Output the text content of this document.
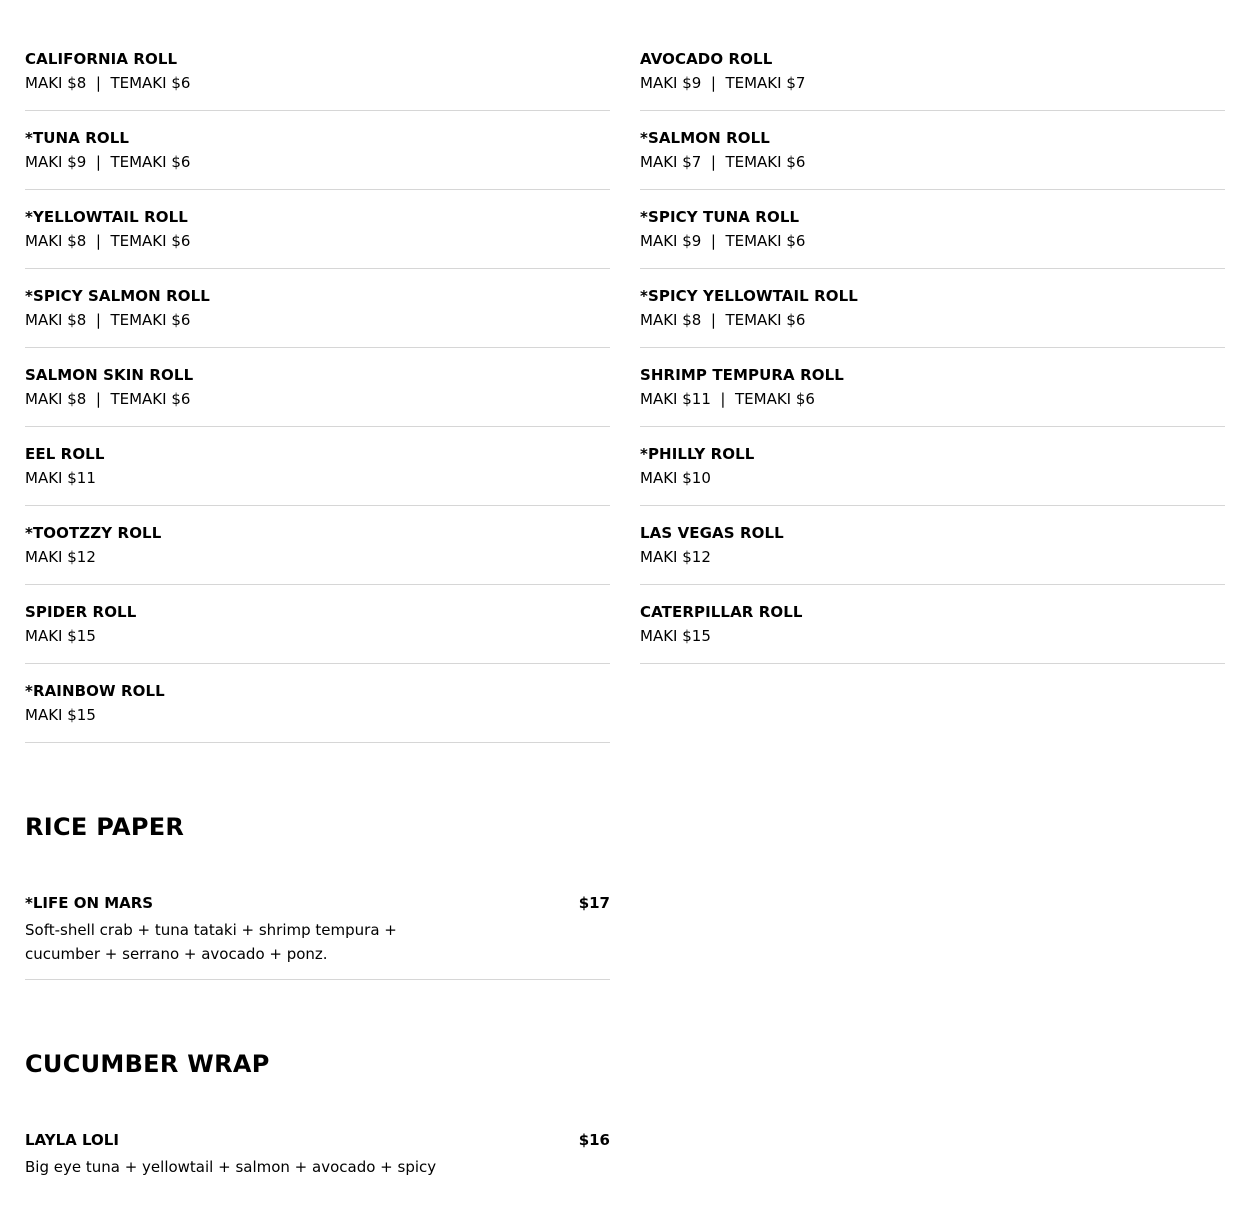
CALIFORNIA ROLL
MAKI $8  |  TEMAKI $6
*TUNA ROLL
MAKI $9  |  TEMAKI $6
*YELLOWTAIL ROLL
MAKI $8  |  TEMAKI $6
*SPICY SALMON ROLL
MAKI $8  |  TEMAKI $6
SALMON SKIN ROLL
MAKI $8  |  TEMAKI $6
EEL ROLL
MAKI $11
*TOOTZZY ROLL
MAKI $12
SPIDER ROLL
MAKI $15
*RAINBOW ROLL
MAKI $15
AVOCADO ROLL
MAKI $9  |  TEMAKI $7
*SALMON ROLL
MAKI $7  |  TEMAKI $6
*SPICY TUNA ROLL
MAKI $9  |  TEMAKI $6
*SPICY YELLOWTAIL ROLL
MAKI $8  |  TEMAKI $6
SHRIMP TEMPURA ROLL
MAKI $11  |  TEMAKI $6
*PHILLY ROLL
MAKI $10
LAS VEGAS ROLL
MAKI $12
CATERPILLAR ROLL
MAKI $15
RICE PAPER
*LIFE ON MARS	$17
Soft-shell crab + tuna tataki + shrimp tempura + cucumber + serrano + avocado + ponz.
CUCUMBER WRAP
LAYLA LOLI	$16
Big eye tuna + yellowtail + salmon + avocado + spicy
